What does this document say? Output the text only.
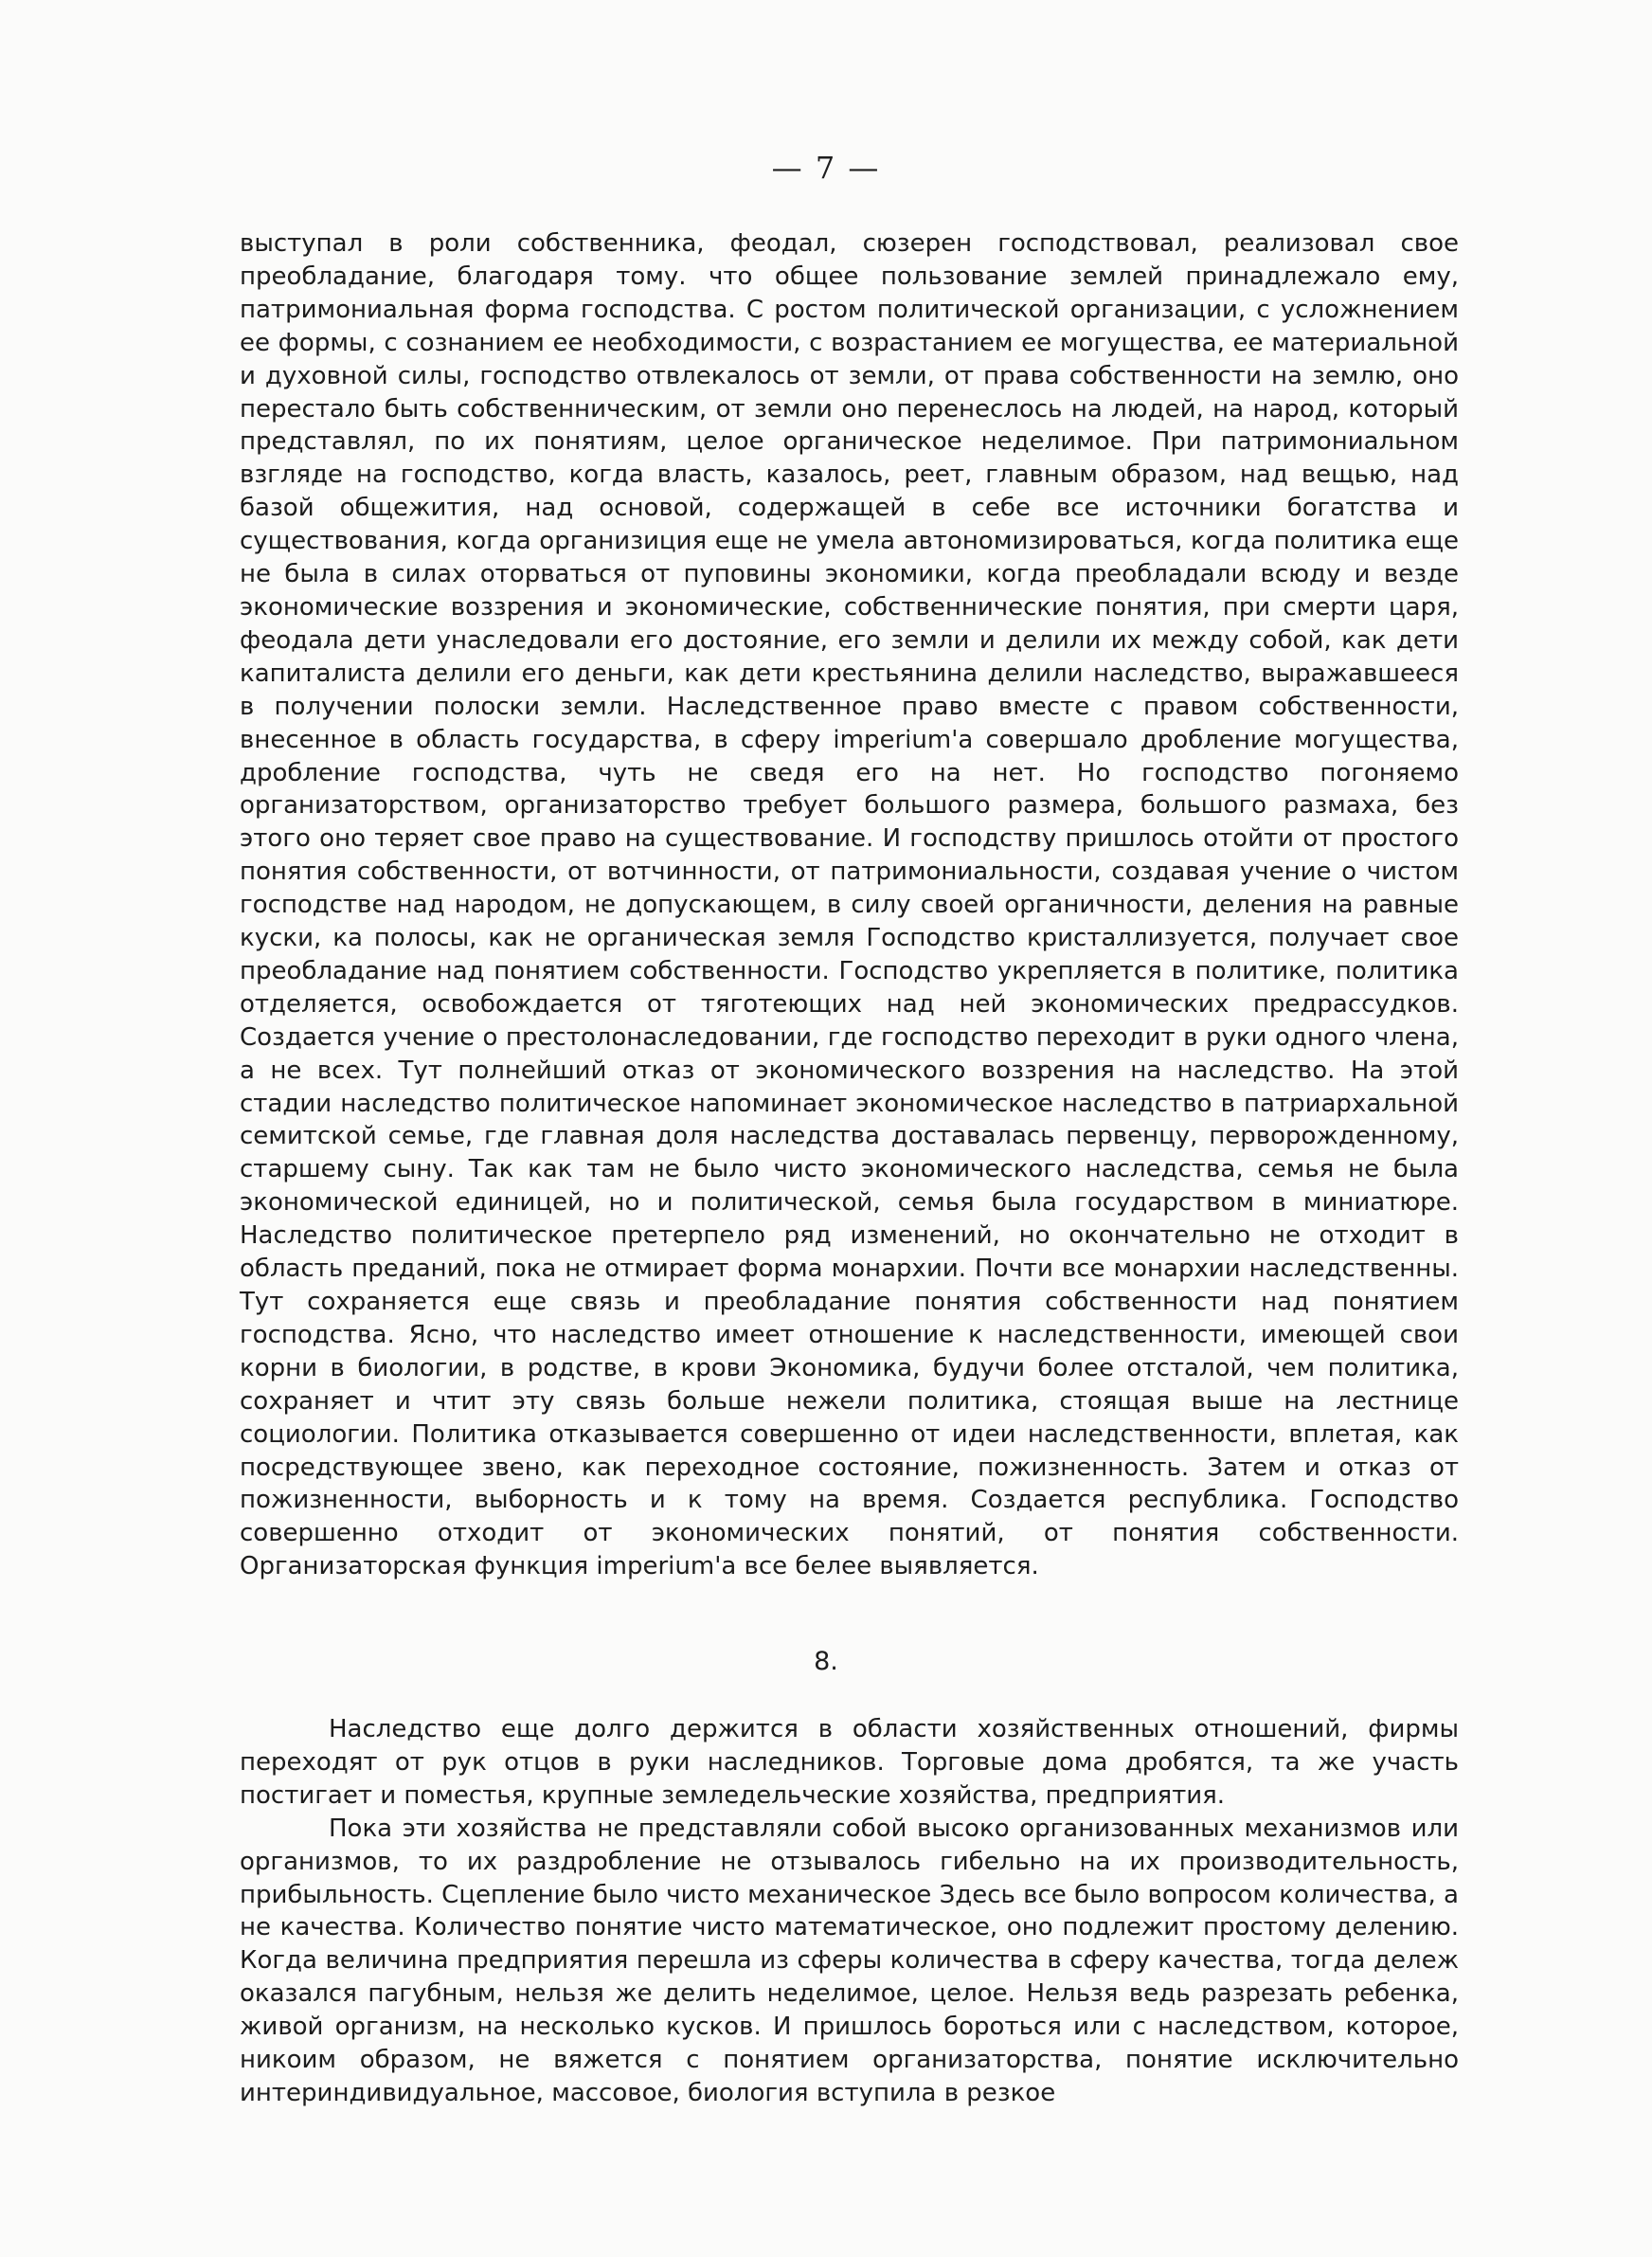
— 7 —

выступал в роли собственника, феодал, сюзерен господствовал, реализовал свое преобладание, благодаря тому. что общее пользование землей принадлежало ему, патримониальная форма господства. С ростом политической организации, с усложнением ее формы, с сознанием ее необходимости, с возрастанием ее могущества, ее материальной и духовной силы, господство отвлекалось от земли, от права собственности на землю, оно перестало быть собственническим, от земли оно перенеслось на людей, на народ, который представлял, по их понятиям, целое органическое неделимое. При патримониальном взгляде на господство, когда власть, казалось, реет, главным образом, над вещью, над базой общежития, над основой, содержащей в себе все источники богатства и существования, когда организиция еще не умела автономизироваться, когда политика еще не была в силах оторваться от пуповины экономики, когда преобладали всюду и везде экономические воззрения и экономические, собственнические понятия, при смерти царя, феодала дети унаследовали его достояние, его земли и делили их между собой, как дети капиталиста делили его деньги, как дети крестьянина делили наследство, выражавшееся в получении полоски земли. Наследственное право вместе с правом собственности, внесенное в область государства, в сферу imperium'а совершало дробление могущества, дробление господства, чуть не сведя его на нет. Но господство погоняемо организаторством, организаторство требует большого размера, большого размаха, без этого оно теряет свое право на существование. И господству пришлось отойти от простого понятия собственности, от вотчинности, от патримониальности, создавая учение о чистом господстве над народом, не допускающем, в силу своей органичности, деления на равные куски, ка полосы, как не органическая земля Господство кристаллизуется, получает свое преобладание над понятием собственности. Господство укрепляется в политике, политика отделяется, освобождается от тяготеющих над ней экономических предрассудков. Создается учение о престолонаследовании, где господство переходит в руки одного члена, а не всех. Тут полнейший отказ от экономического воззрения на наследство. На этой стадии наследство политическое напоминает экономическое наследство в патриархальной семитской семье, где главная доля наследства доставалась первенцу, перворожденному, старшему сыну. Так как там не было чисто экономического наследства, семья не была экономической единицей, но и политической, семья была государством в миниатюре. Наследство политическое претерпело ряд изменений, но окончательно не отходит в область преданий, пока не отмирает форма монархии. Почти все монархии наследственны. Тут сохраняется еще связь и преобладание понятия собственности над понятием господства. Ясно, что наследство имеет отношение к наследственности, имеющей свои корни в биологии, в родстве, в крови Экономика, будучи более отсталой, чем политика, сохраняет и чтит эту связь больше нежели политика, стоящая выше на лестнице социологии. Политика отказывается совершенно от идеи наследственности, вплетая, как посредствующее звено, как переходное состояние, пожизненность. Затем и отказ от пожизненности, выборность и к тому на время. Создается республика. Господство совершенно отходит от экономических понятий, от понятия собственности. Организаторская функция imperium'а все белее выявляется.

8.

Наследство еще долго держится в области хозяйственных отношений, фирмы переходят от рук отцов в руки наследников. Торговые дома дробятся, та же участь постигает и поместья, крупные земледельческие хозяйства, предприятия.

Пока эти хозяйства не представляли собой высоко организованных механизмов или организмов, то их раздробление не отзывалось гибельно на их производительность, прибыльность. Сцепление было чисто механическое Здесь все было вопросом количества, а не качества. Количество понятие чисто математическое, оно подлежит простому делению. Когда величина предприятия перешла из сферы количества в сферу качества, тогда дележ оказался пагубным, нельзя же делить неделимое, целое. Нельзя ведь разрезать ребенка, живой организм, на несколько кусков. И пришлось бороться или с наследством, которое, никоим образом, не вяжется с понятием организаторства, понятие исключительно интериндивидуальное, массовое, биология вступила в резкое
